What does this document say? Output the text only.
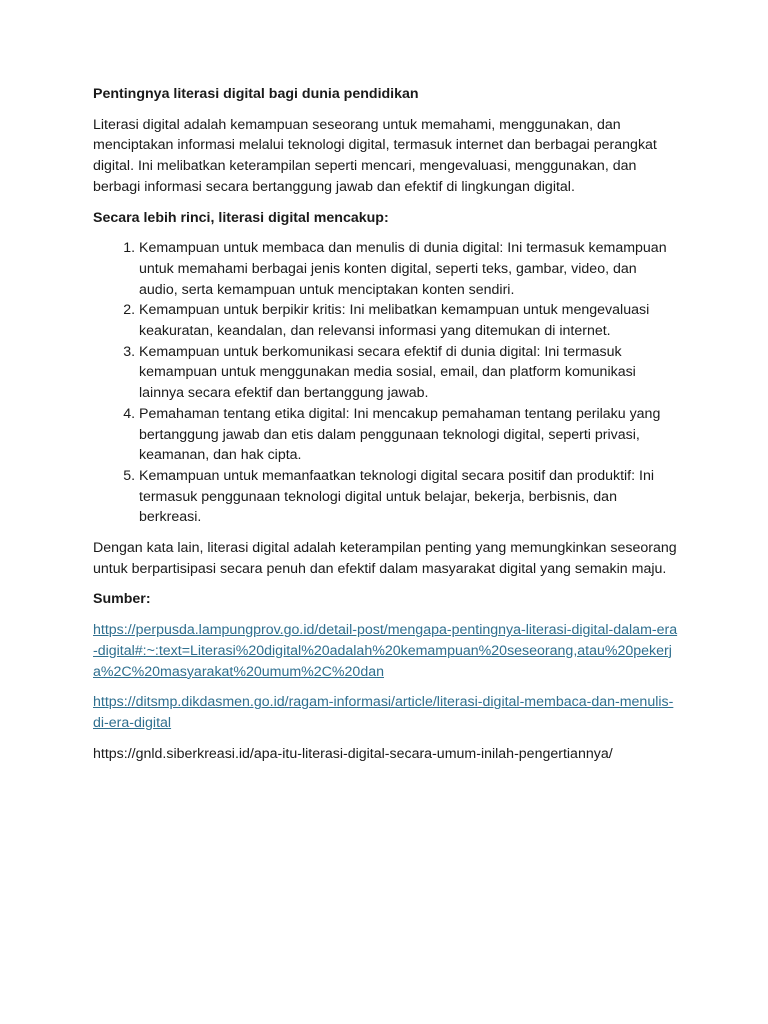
Pentingnya literasi digital bagi dunia pendidikan

Literasi digital adalah kemampuan seseorang untuk memahami, menggunakan, dan menciptakan informasi melalui teknologi digital, termasuk internet dan berbagai perangkat digital. Ini melibatkan keterampilan seperti mencari, mengevaluasi, menggunakan, dan berbagi informasi secara bertanggung jawab dan efektif di lingkungan digital.

Secara lebih rinci, literasi digital mencakup:

1. Kemampuan untuk membaca dan menulis di dunia digital: Ini termasuk kemampuan untuk memahami berbagai jenis konten digital, seperti teks, gambar, video, dan audio, serta kemampuan untuk menciptakan konten sendiri.
2. Kemampuan untuk berpikir kritis: Ini melibatkan kemampuan untuk mengevaluasi keakuratan, keandalan, dan relevansi informasi yang ditemukan di internet.
3. Kemampuan untuk berkomunikasi secara efektif di dunia digital: Ini termasuk kemampuan untuk menggunakan media sosial, email, dan platform komunikasi lainnya secara efektif dan bertanggung jawab.
4. Pemahaman tentang etika digital: Ini mencakup pemahaman tentang perilaku yang bertanggung jawab dan etis dalam penggunaan teknologi digital, seperti privasi, keamanan, dan hak cipta.
5. Kemampuan untuk memanfaatkan teknologi digital secara positif dan produktif: Ini termasuk penggunaan teknologi digital untuk belajar, bekerja, berbisnis, dan berkreasi.

Dengan kata lain, literasi digital adalah keterampilan penting yang memungkinkan seseorang untuk berpartisipasi secara penuh dan efektif dalam masyarakat digital yang semakin maju.

Sumber:

https://perpusda.lampungprov.go.id/detail-post/mengapa-pentingnya-literasi-digital-dalam-era-digital#:~:text=Literasi%20digital%20adalah%20kemampuan%20seseorang,atau%20pekerja%2C%20masyarakat%20umum%2C%20dan
https://ditsmp.dikdasmen.go.id/ragam-informasi/article/literasi-digital-membaca-dan-menulis-di-era-digital

https://gnld.siberkreasi.id/apa-itu-literasi-digital-secara-umum-inilah-pengertiannya/
